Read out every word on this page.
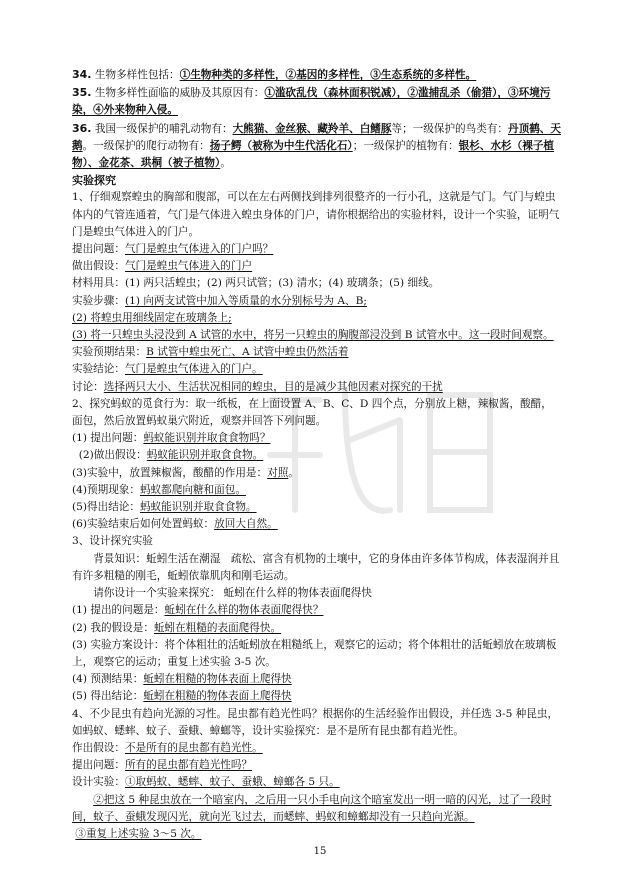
34. 生物多样性包括：①生物种类的多样性，②基因的多样性，③生态系统的多样性。

35. 生物多样性面临的威胁及其原因有：①滥砍乱伐（森林面积锐减），②滥捕乱杀（偷猎），③环境污染，④外来物种入侵。

36. 我国一级保护的哺乳动物有：大熊猫、金丝猴、藏羚羊、白鳍豚等；一级保护的鸟类有：丹顶鹤、天鹅。一级保护的爬行动物有：扬子鳄（被称为中生代活化石）；一级保护的植物有：银杉、水杉（裸子植物）、金花茶、珙桐（被子植物）。

实验探究

1、仔细观察蝗虫的胸部和腹部，可以在左右两侧找到排列很整齐的一行小孔，这就是气门。气门与蝗虫体内的气管连通着，气门是气体进入蝗虫身体的门户，请你根据给出的实验材料，设计一个实验，证明气门是蝗虫气体进入的门户。

提出问题：气门是蝗虫气体进入的门户吗？

做出假设：气门是蝗虫气体进入的门户

材料用具：(1) 两只活蝗虫；(2) 两只试管；(3) 清水；(4) 玻璃条；(5) 细线。

实验步骤：(1) 向两支试管中加入等质量的水分别标号为 A、B;

(2) 将蝗虫用细线固定在玻璃条上;

(3) 将一只蝗虫头浸没到 A 试管的水中，将另一只蝗虫的胸腹部浸没到 B 试管水中。这一段时间观察。

实验预期结果：B 试管中蝗虫死亡、A 试管中蝗虫仍然活着

实验结论：气门是蝗虫气体进入的门户。

讨论：选择两只大小、生活状况相同的蝗虫，目的是减少其他因素对探究的干扰

2、探究蚂蚁的觅食行为：取一纸板，在上面设置 A、B、C、D 四个点，分别放上糖，辣椒酱，酸醋，面包，然后放置蚂蚁巢穴附近，观察并回答下列问题。

(1) 提出问题：蚂蚁能识别并取食食物吗？

(2)做出假设：蚂蚁能识别并取食食物。

(3)实验中，放置辣椒酱，酸醋的作用是：对照。

(4)预期现象：蚂蚁都爬向糖和面包。

(5)得出结论：蚂蚁能识别并取食食物。

(6)实验结束后如何处置蚂蚁：放回大自然。

3、设计探究实验

背景知识：蚯蚓生活在潮湿　疏松、富含有机物的土壤中，它的身体由许多体节构成，体表湿润并且有许多粗糙的刚毛，蚯蚓依靠肌肉和刚毛运动。

请你设计一个实验来探究： 蚯蚓在什么样的物体表面爬得快

(1) 提出的问题是：蚯蚓在什么样的物体表面爬得快？

(2) 我的假设是：蚯蚓在粗糙的表面爬得快。

(3) 实验方案设计：将个体粗壮的活蚯蚓放在粗糙纸上，观察它的运动；将个体粗壮的活蚯蚓放在玻璃板上，观察它的运动；重复上述实验 3-5 次。

(4) 预测结果：蚯蚓在粗糙的物体表面上爬得快

(5) 得出结论：蚯蚓在粗糙的物体表面上爬得快

4、不少昆虫有趋向光源的习性。昆虫都有趋光性吗？根据你的生活经验作出假设，并任选 3-5 种昆虫，如蚂蚁、蟋蟀、蚊子、蚕蛾、蟑螂等，设计实验探究：是不是所有昆虫都有趋光性。

作出假设：不是所有的昆虫都有趋光性。

提出问题：所有的昆虫都有趋光性吗？

设计实验：①取蚂蚁、蟋蟀、蚊子、蚕蛾、蟑螂各 5 只。

②把这 5 种昆虫放在一个暗室内，之后用一只小手电向这个暗室发出一明一暗的闪光，过了一段时间，蚊子、蚕蛾发现闪光，就向光飞过去，而蟋蟀、蚂蚁和蟑螂却没有一只趋向光源。

③重复上述实验 3～5 次。

15
